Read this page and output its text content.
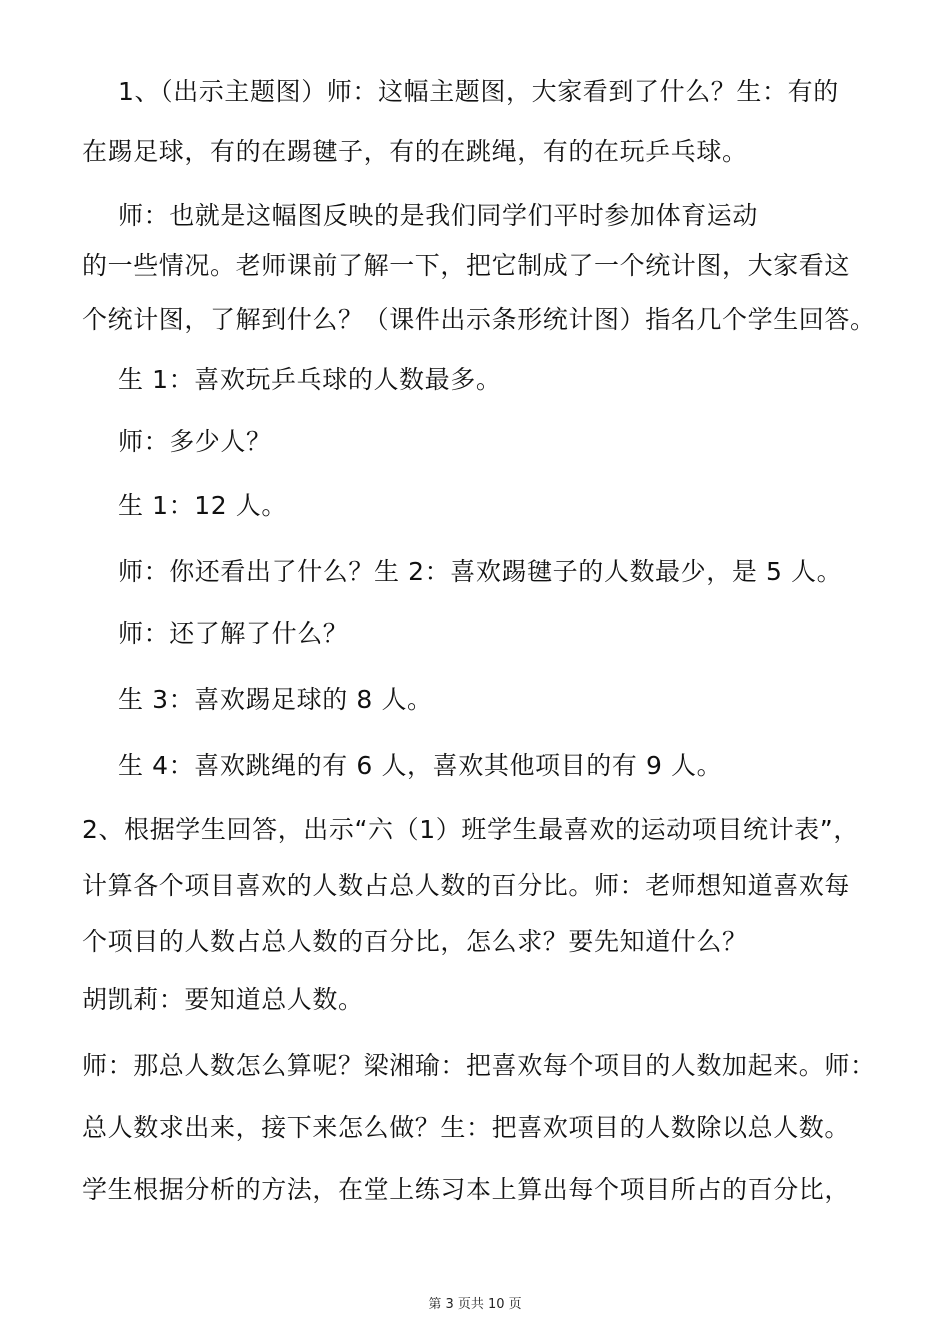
1、（出示主题图）师：这幅主题图，大家看到了什么？生：有的
在踢足球，有的在踢毽子，有的在跳绳，有的在玩乒乓球。
师：也就是这幅图反映的是我们同学们平时参加体育运动
的一些情况。老师课前了解一下，把它制成了一个统计图，大家看这
个统计图，了解到什么？（课件出示条形统计图）指名几个学生回答。
生 1：喜欢玩乒乓球的人数最多。
师：多少人？
生 1：12 人。
师：你还看出了什么？生 2：喜欢踢毽子的人数最少，是 5 人。
师：还了解了什么？
生 3：喜欢踢足球的 8 人。
生 4：喜欢跳绳的有 6 人，喜欢其他项目的有 9 人。
2、根据学生回答，出示“六（1）班学生最喜欢的运动项目统计表”，
计算各个项目喜欢的人数占总人数的百分比。师：老师想知道喜欢每
个项目的人数占总人数的百分比，怎么求？要先知道什么？
胡凯莉：要知道总人数。
师：那总人数怎么算呢？梁湘瑜：把喜欢每个项目的人数加起来。师：
总人数求出来，接下来怎么做？生：把喜欢项目的人数除以总人数。
学生根据分析的方法，在堂上练习本上算出每个项目所占的百分比，
第 3 页共 10 页
